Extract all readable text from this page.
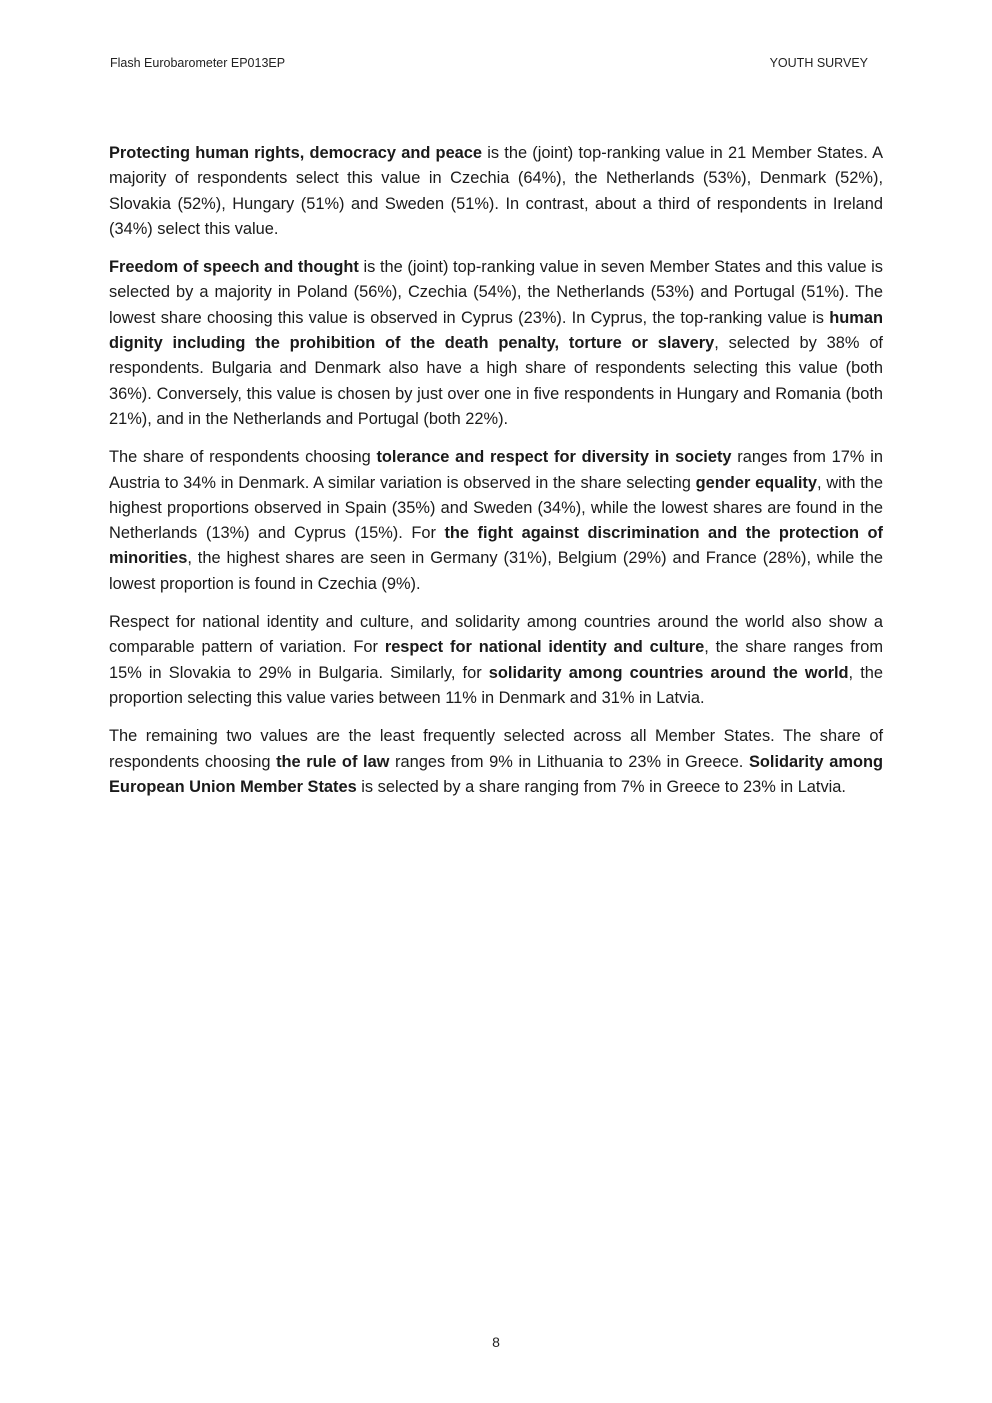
Flash Eurobarometer EP013EP	YOUTH SURVEY

Protecting human rights, democracy and peace is the (joint) top-ranking value in 21 Member States. A majority of respondents select this value in Czechia (64%), the Netherlands (53%), Denmark (52%), Slovakia (52%), Hungary (51%) and Sweden (51%). In contrast, about a third of respondents in Ireland (34%) select this value.

Freedom of speech and thought is the (joint) top-ranking value in seven Member States and this value is selected by a majority in Poland (56%), Czechia (54%), the Netherlands (53%) and Portugal (51%). The lowest share choosing this value is observed in Cyprus (23%). In Cyprus, the top-ranking value is human dignity including the prohibition of the death penalty, torture or slavery, selected by 38% of respondents. Bulgaria and Denmark also have a high share of respondents selecting this value (both 36%). Conversely, this value is chosen by just over one in five respondents in Hungary and Romania (both 21%), and in the Netherlands and Portugal (both 22%).

The share of respondents choosing tolerance and respect for diversity in society ranges from 17% in Austria to 34% in Denmark. A similar variation is observed in the share selecting gender equality, with the highest proportions observed in Spain (35%) and Sweden (34%), while the lowest shares are found in the Netherlands (13%) and Cyprus (15%). For the fight against discrimination and the protection of minorities, the highest shares are seen in Germany (31%), Belgium (29%) and France (28%), while the lowest proportion is found in Czechia (9%).

Respect for national identity and culture, and solidarity among countries around the world also show a comparable pattern of variation. For respect for national identity and culture, the share ranges from 15% in Slovakia to 29% in Bulgaria. Similarly, for solidarity among countries around the world, the proportion selecting this value varies between 11% in Denmark and 31% in Latvia.

The remaining two values are the least frequently selected across all Member States. The share of respondents choosing the rule of law ranges from 9% in Lithuania to 23% in Greece. Solidarity among European Union Member States is selected by a share ranging from 7% in Greece to 23% in Latvia.

8
